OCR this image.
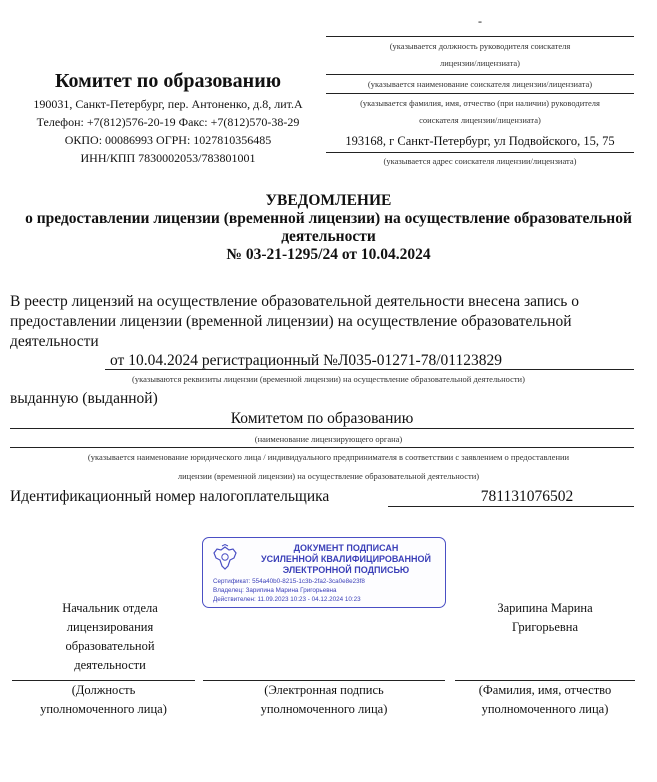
-
(указывается должность руководителя соискателя
лицензии/лицензиата)
(указывается наименование соискателя лицензии/лицензиата)
(указывается фамилия, имя, отчество (при наличии) руководителя
соискателя лицензии/лицензиата)
193168, г Санкт-Петербург, ул Подвойского, 15, 75
(указывается адрес соискателя лицензии/лицензиата)
Комитет по образованию
190031, Санкт-Петербург, пер. Антоненко, д.8, лит.А
Телефон: +7(812)576-20-19 Факс: +7(812)570-38-29
ОКПО: 00086993 ОГРН: 1027810356485
ИНН/КПП 7830002053/783801001
УВЕДОМЛЕНИЕ
о предоставлении лицензии (временной лицензии) на осуществление образовательной
деятельности
№ 03-21-1295/24 от 10.04.2024
В реестр лицензий на осуществление образовательной деятельности внесена запись о
предоставлении лицензии (временной лицензии) на осуществление образовательной
деятельности
от 10.04.2024 регистрационный №Л035-01271-78/01123829
(указываются реквизиты лицензии (временной лицензии) на осуществление образовательной деятельности)
выданную (выданной)
Комитетом по образованию
(наименование лицензирующего органа)
(указывается наименование юридического лица / индивидуального предпринимателя в соответствии с заявлением о предоставлении
лицензии (временной лицензии) на осуществление образовательной деятельности)
Идентификационный номер налогоплательщика	781131076502
ДОКУМЕНТ ПОДПИСАН
УСИЛЕННОЙ КВАЛИФИЦИРОВАННОЙ
ЭЛЕКТРОННОЙ ПОДПИСЬЮ
Сертификат: 554a40b0-8215-1c3b-2fa2-3ca0e8e23f8
Владелец: Зарипина Марина Григорьевна
Действителен: 11.09.2023 10:23 - 04.12.2024 10:23
Начальник отдела
лицензирования
образовательной
деятельности
Зарипина Марина
Григорьевна
(Должность
уполномоченного лица)
(Электронная подпись
уполномоченного лица)
(Фамилия, имя, отчество
уполномоченного лица)
